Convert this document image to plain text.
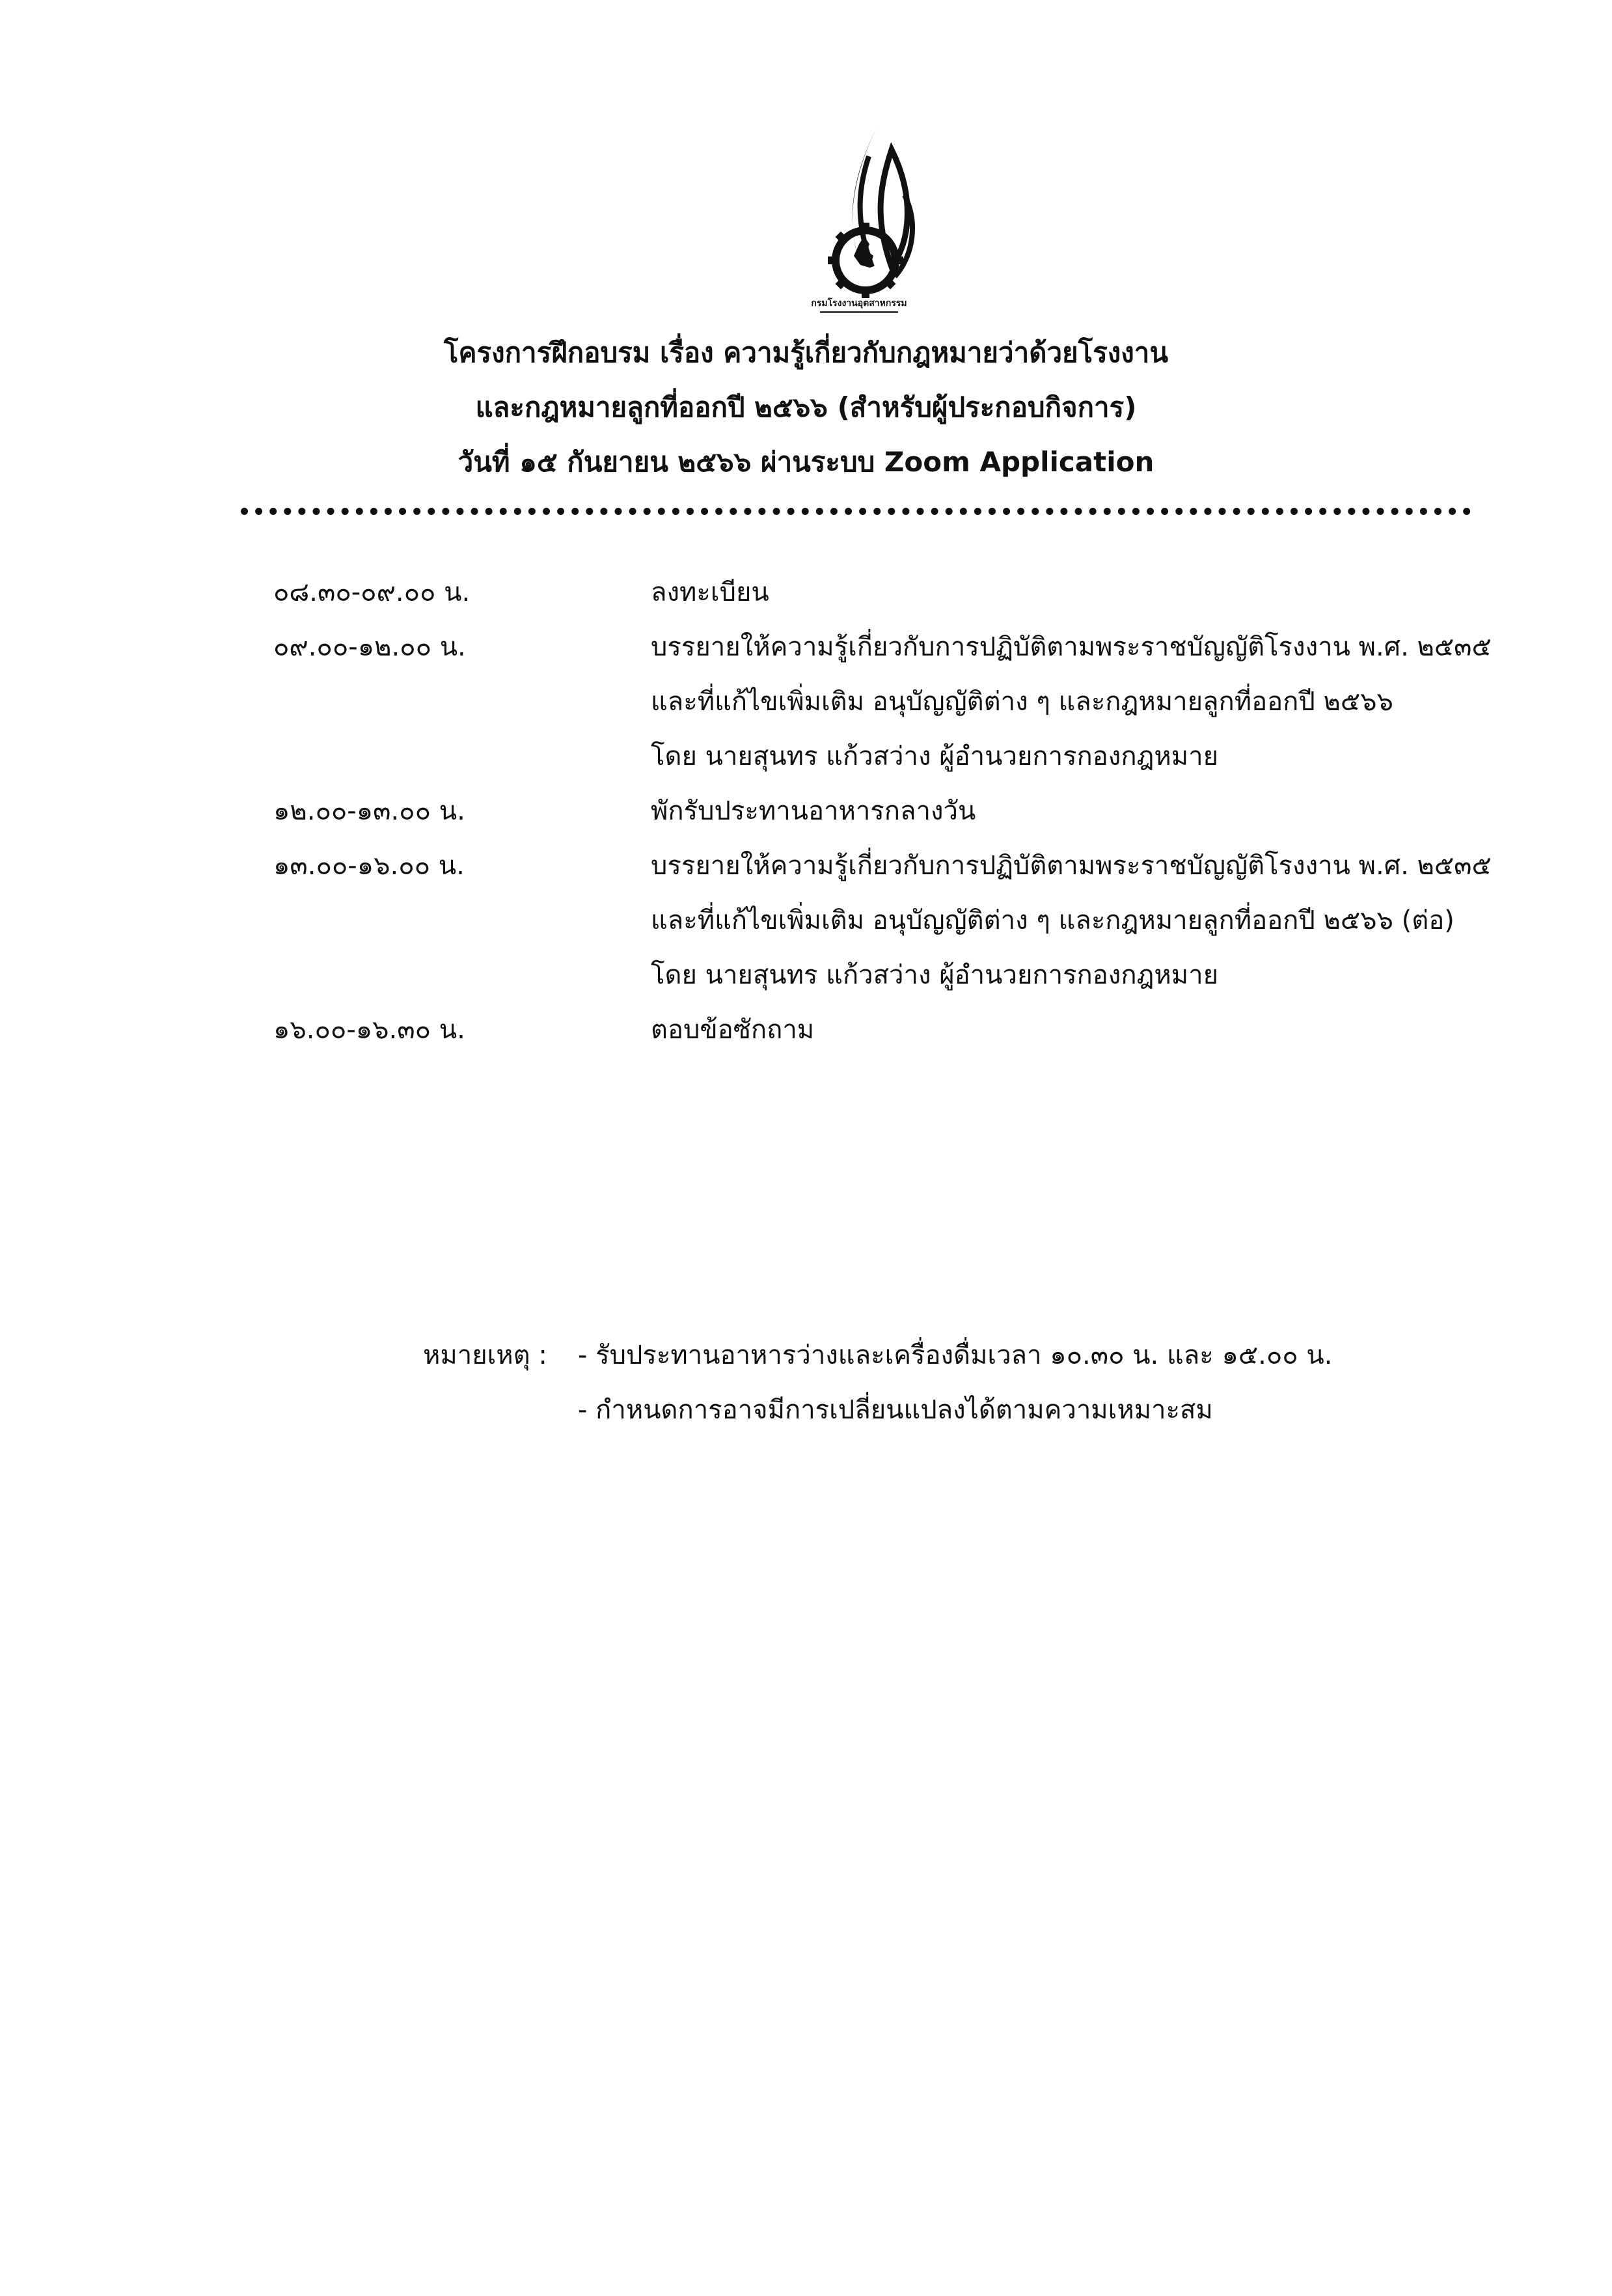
กรมโรงงานอุตสาหกรรม
โครงการฝึกอบรม เรื่อง ความรู้เกี่ยวกับกฎหมายว่าด้วยโรงงาน
และกฎหมายลูกที่ออกปี ๒๕๖๖ (สำหรับผู้ประกอบกิจการ)
วันที่ ๑๕ กันยายน ๒๕๖๖ ผ่านระบบ Zoom Application
๐๘.๓๐-๐๙.๐๐ น.	ลงทะเบียน
๐๙.๐๐-๑๒.๐๐ น.	บรรยายให้ความรู้เกี่ยวกับการปฏิบัติตามพระราชบัญญัติโรงงาน พ.ศ. ๒๕๓๕
และที่แก้ไขเพิ่มเติม อนุบัญญัติต่าง ๆ และกฎหมายลูกที่ออกปี ๒๕๖๖
โดย นายสุนทร แก้วสว่าง ผู้อำนวยการกองกฎหมาย
๑๒.๐๐-๑๓.๐๐ น.	พักรับประทานอาหารกลางวัน
๑๓.๐๐-๑๖.๐๐ น.	บรรยายให้ความรู้เกี่ยวกับการปฏิบัติตามพระราชบัญญัติโรงงาน พ.ศ. ๒๕๓๕
และที่แก้ไขเพิ่มเติม อนุบัญญัติต่าง ๆ และกฎหมายลูกที่ออกปี ๒๕๖๖ (ต่อ)
โดย นายสุนทร แก้วสว่าง ผู้อำนวยการกองกฎหมาย
๑๖.๐๐-๑๖.๓๐ น.	ตอบข้อซักถาม
หมายเหตุ :	- รับประทานอาหารว่างและเครื่องดื่มเวลา ๑๐.๓๐ น. และ ๑๕.๐๐ น.
- กำหนดการอาจมีการเปลี่ยนแปลงได้ตามความเหมาะสม
